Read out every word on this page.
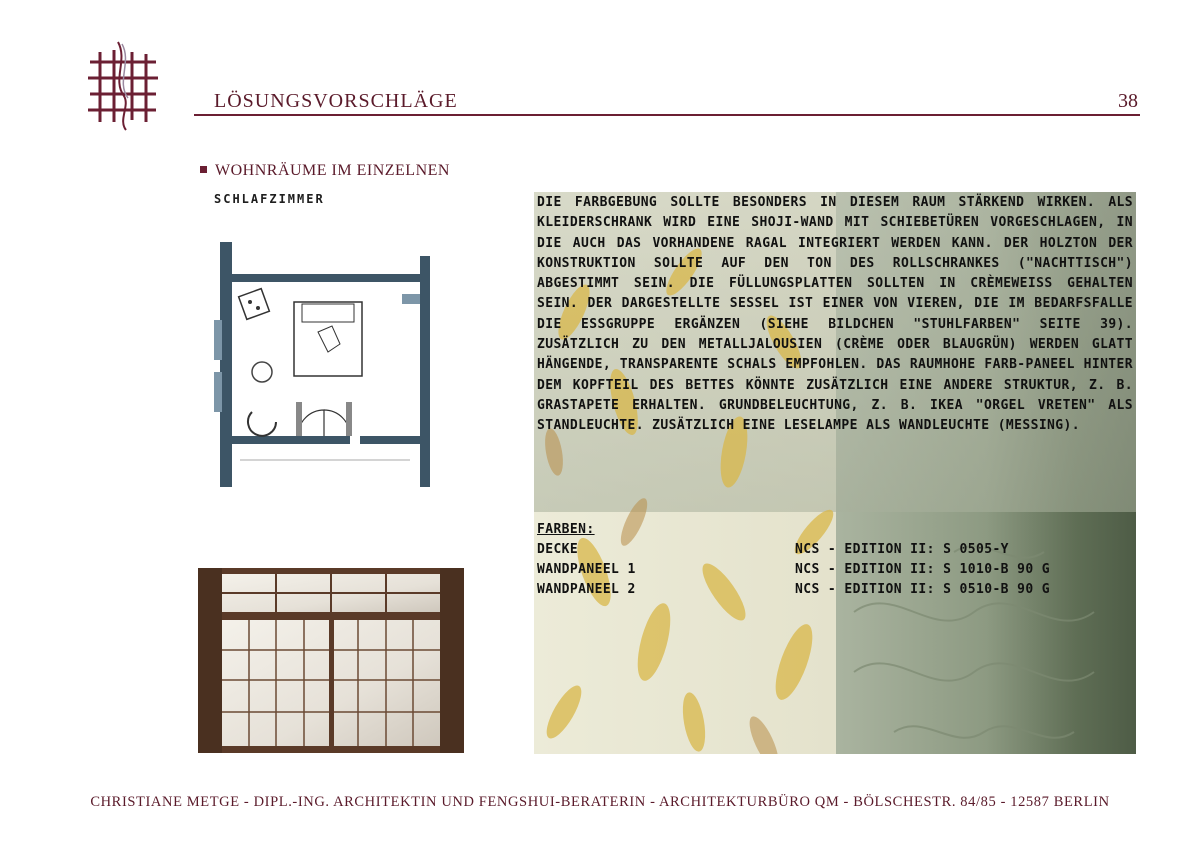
LÖSUNGSVORSCHLÄGE	38
WOHNRÄUME IM EINZELNEN
SCHLAFZIMMER	DIE FARBGEBUNG SOLLTE BESONDERS IN DIESEM RAUM STÄRKEND WIRKEN. ALS KLEIDERSCHRANK WIRD EINE SHOJI-WAND MIT SCHIEBETÜREN VORGESCHLAGEN, IN DIE AUCH DAS VORHANDENE RAGAL INTEGRIERT WERDEN KANN. DER HOLZTON DER KONSTRUKTION SOLLTE AUF DEN TON DES ROLLSCHRANKES ("NACHTTISCH") ABGESTIMMT SEIN. DIE FÜLLUNGSPLATTEN SOLLTEN IN CRÈMEWEISS GEHALTEN SEIN. DER DARGESTELLTE SESSEL IST EINER VON VIEREN, DIE IM BEDARFSFALLE DIE ESSGRUPPE ERGÄNZEN (SIEHE BILDCHEN "STUHLFARBEN" SEITE 39). ZUSÄTZLICH ZU DEN METALLJALOUSIEN (CRÈME ODER BLAUGRÜN) WERDEN GLATT HÄNGENDE, TRANSPARENTE SCHALS EMPFOHLEN. DAS RAUMHOHE FARB-PANEEL HINTER DEM KOPFTEIL DES BETTES KÖNNTE ZUSÄTZLICH EINE ANDERE STRUKTUR, Z. B. GRASTAPETE ERHALTEN. GRUNDBELEUCHTUNG, Z. B. IKEA "ORGEL VRETEN" ALS STANDLEUCHTE. ZUSÄTZLICH EINE LESELAMPE ALS WANDLEUCHTE (MESSING).
FARBEN:
DECKE	NCS - EDITION II: S 0505-Y
WANDPANEEL 1	NCS - EDITION II: S 1010-B 90 G
WANDPANEEL 2	NCS - EDITION II: S 0510-B 90 G
CHRISTIANE METGE - DIPL.-ING. ARCHITEKTIN UND FENGSHUI-BERATERIN - ARCHITEKTURBÜRO QM - BÖLSCHESTR. 84/85 - 12587 BERLIN
